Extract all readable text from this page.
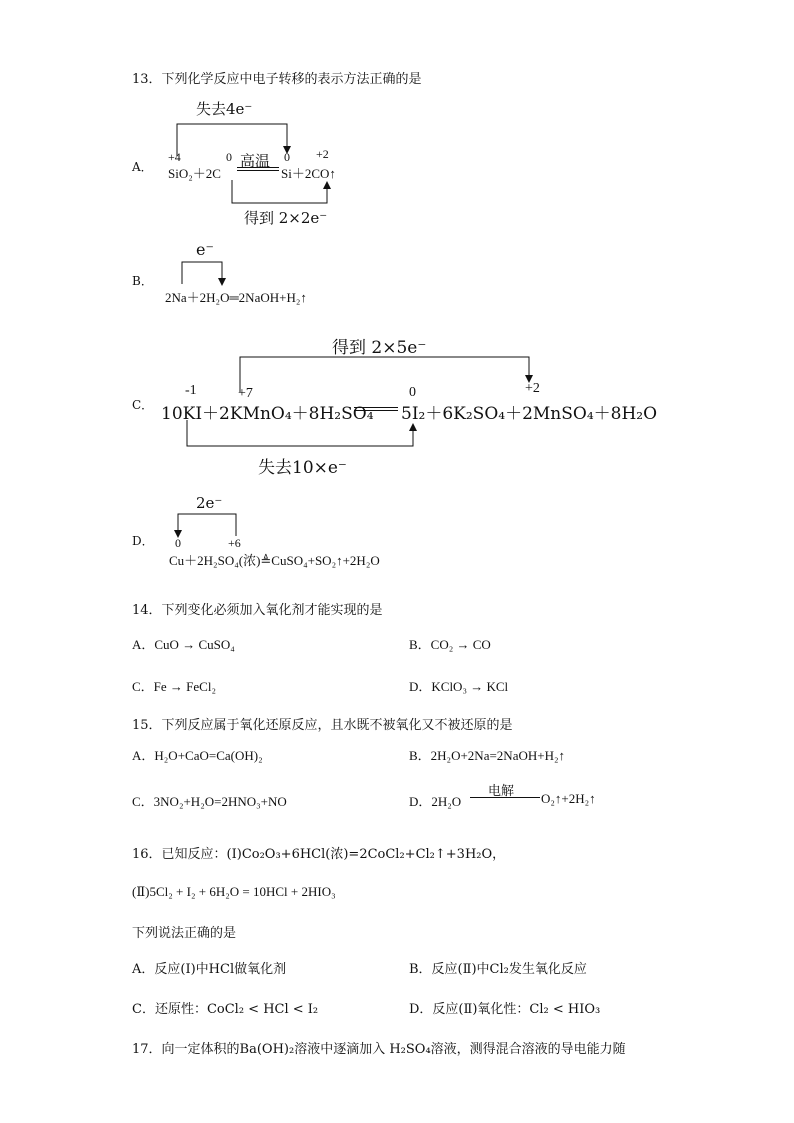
13．下列化学反应中电子转移的表示方法正确的是
失去4e⁻
A．
+4	0	0 +2
高温
SiO₂＋2C	Si＋2CO↑
得到 2×2e⁻
e⁻
B．
2Na＋2H₂O═2NaOH+H₂↑
得到 2×5e⁻
C．
-1	+7	0	+2
10KI＋2KMnO₄＋8H₂SO₄ 5I₂＋6K₂SO₄＋2MnSO₄＋8H₂O
失去10×e⁻
2e⁻
D． 0	+6
Cu＋2H₂SO₄(浓)≜CuSO₄+SO₂↑+2H₂O
14．下列变化必须加入氧化剂才能实现的是
A．CuO → CuSO₄	B．CO₂ → CO
C．Fe → FeCl₂	D．KClO₃ → KCl
15．下列反应属于氧化还原反应，且水既不被氧化又不被还原的是
A．H₂O+CaO=Ca(OH)₂	B．2H₂O+2Na=2NaOH+H₂↑
C．3NO₂+H₂O=2HNO₃+NO	D．2H₂O
电解 O₂↑+2H₂↑
16．已知反应：(Ⅰ)Co₂O₃+6HCl(浓)=2CoCl₂+Cl₂↑+3H₂O，
(Ⅱ)5Cl₂ + I₂ + 6H₂O = 10HCl + 2HIO₃
下列说法正确的是
A．反应(Ⅰ)中HCl做氧化剂	B．反应(Ⅱ)中Cl₂发生氧化反应
C．还原性：CoCl₂ < HCl < I₂	D．反应(Ⅱ)氧化性：Cl₂ < HIO₃
17．向一定体积的Ba(OH)₂溶液中逐滴加入 H₂SO₄溶液，测得混合溶液的导电能力随
